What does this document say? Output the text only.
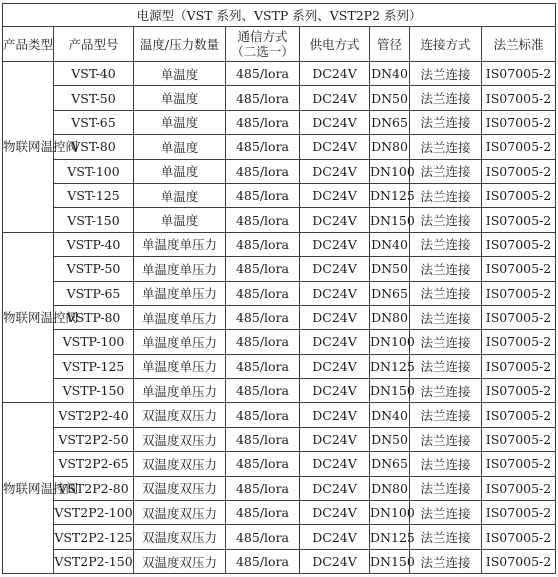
电源型（VST 系列、VSTP 系列、VST2P2 系列）							
产品类型	产品型号	温度/压力数量	通信方式（二选一）	供电方式	管径	连接方式	法兰标准
物联网温控阀	VST-40	单温度	485/lora	DC24V	DN40	法兰连接	IS07005-2
	VST-50	单温度	485/lora	DC24V	DN50	法兰连接	IS07005-2
	VST-65	单温度	485/lora	DC24V	DN65	法兰连接	IS07005-2
	VST-80	单温度	485/lora	DC24V	DN80	法兰连接	IS07005-2
	VST-100	单温度	485/lora	DC24V	DN100	法兰连接	IS07005-2
	VST-125	单温度	485/lora	DC24V	DN125	法兰连接	IS07005-2
	VST-150	单温度	485/lora	DC24V	DN150	法兰连接	IS07005-2
物联网温控阀	VSTP-40	单温度单压力	485/lora	DC24V	DN40	法兰连接	IS07005-2
	VSTP-50	单温度单压力	485/lora	DC24V	DN50	法兰连接	IS07005-2
	VSTP-65	单温度单压力	485/lora	DC24V	DN65	法兰连接	IS07005-2
	VSTP-80	单温度单压力	485/lora	DC24V	DN80	法兰连接	IS07005-2
	VSTP-100	单温度单压力	485/lora	DC24V	DN100	法兰连接	IS07005-2
	VSTP-125	单温度单压力	485/lora	DC24V	DN125	法兰连接	IS07005-2
	VSTP-150	单温度单压力	485/lora	DC24V	DN150	法兰连接	IS07005-2
物联网温控阀	VST2P2-40	双温度双压力	485/lora	DC24V	DN40	法兰连接	IS07005-2
	VST2P2-50	双温度双压力	485/lora	DC24V	DN50	法兰连接	IS07005-2
	VST2P2-65	双温度双压力	485/lora	DC24V	DN65	法兰连接	IS07005-2
	VST2P2-80	双温度双压力	485/lora	DC24V	DN80	法兰连接	IS07005-2
	VST2P2-100	双温度双压力	485/lora	DC24V	DN100	法兰连接	IS07005-2
	VST2P2-125	双温度双压力	485/lora	DC24V	DN125	法兰连接	IS07005-2
	VST2P2-150	双温度双压力	485/lora	DC24V	DN150	法兰连接	IS07005-2
